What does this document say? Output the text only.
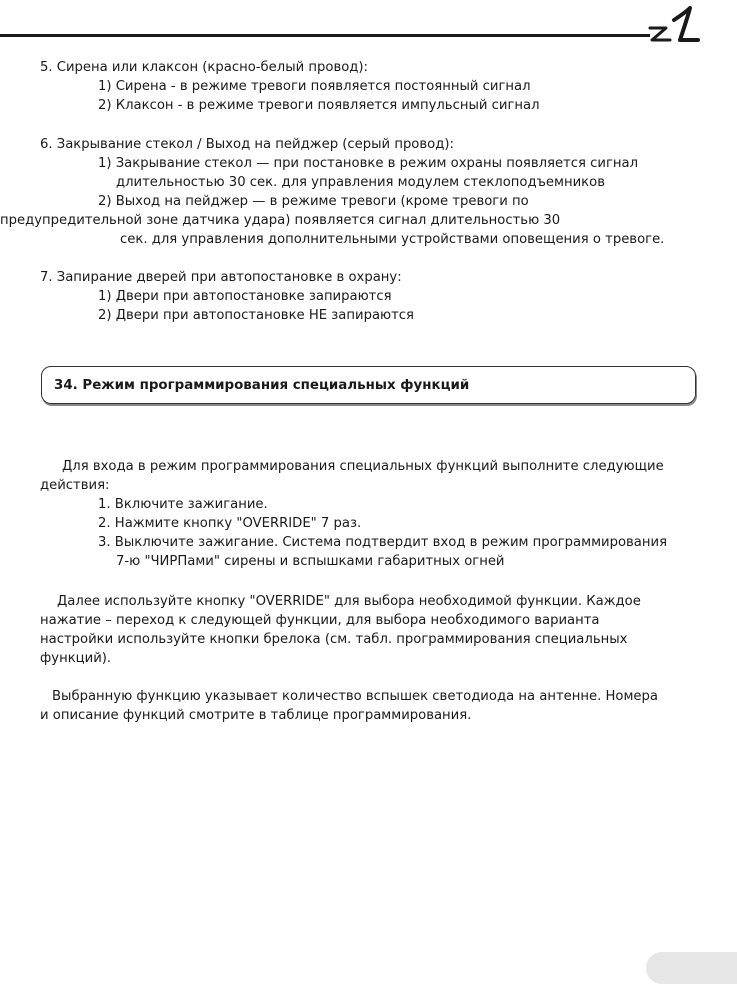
5. Сирена или клаксон (красно-белый провод):
1) Сирена - в режиме тревоги появляется постоянный сигнал
2) Клаксон - в режиме тревоги появляется импульсный сигнал
6. Закрывание стекол / Выход на пейджер (серый провод):
1) Закрывание стекол — при постановке в режим охраны появляется сигнал
длительностью 30 сек. для управления модулем стеклоподъемников
2) Выход на пейджер — в режиме тревоги (кроме тревоги по
предупредительной зоне датчика удара) появляется сигнал длительностью 30
сек. для управления дополнительными устройствами оповещения о тревоге.
7. Запирание дверей при автопостановке в охрану:
1) Двери при автопостановке запираются
2) Двери при автопостановке НЕ запираются
34. Режим программирования специальных функций
Для входа в режим программирования специальных функций выполните следующие
действия:
1. Включите зажигание.
2. Нажмите кнопку "OVERRIDE" 7 раз.
3. Выключите зажигание. Система подтвердит вход в режим программирования
7-ю "ЧИРПами" сирены и вспышками габаритных огней
Далее используйте кнопку "OVERRIDE" для выбора необходимой функции. Каждое
нажатие – переход к следующей функции, для выбора необходимого варианта
настройки используйте кнопки брелока (см. табл. программирования специальных
функций).
Выбранную функцию указывает количество вспышек светодиода на антенне. Номера
и описание функций смотрите в таблице программирования.
